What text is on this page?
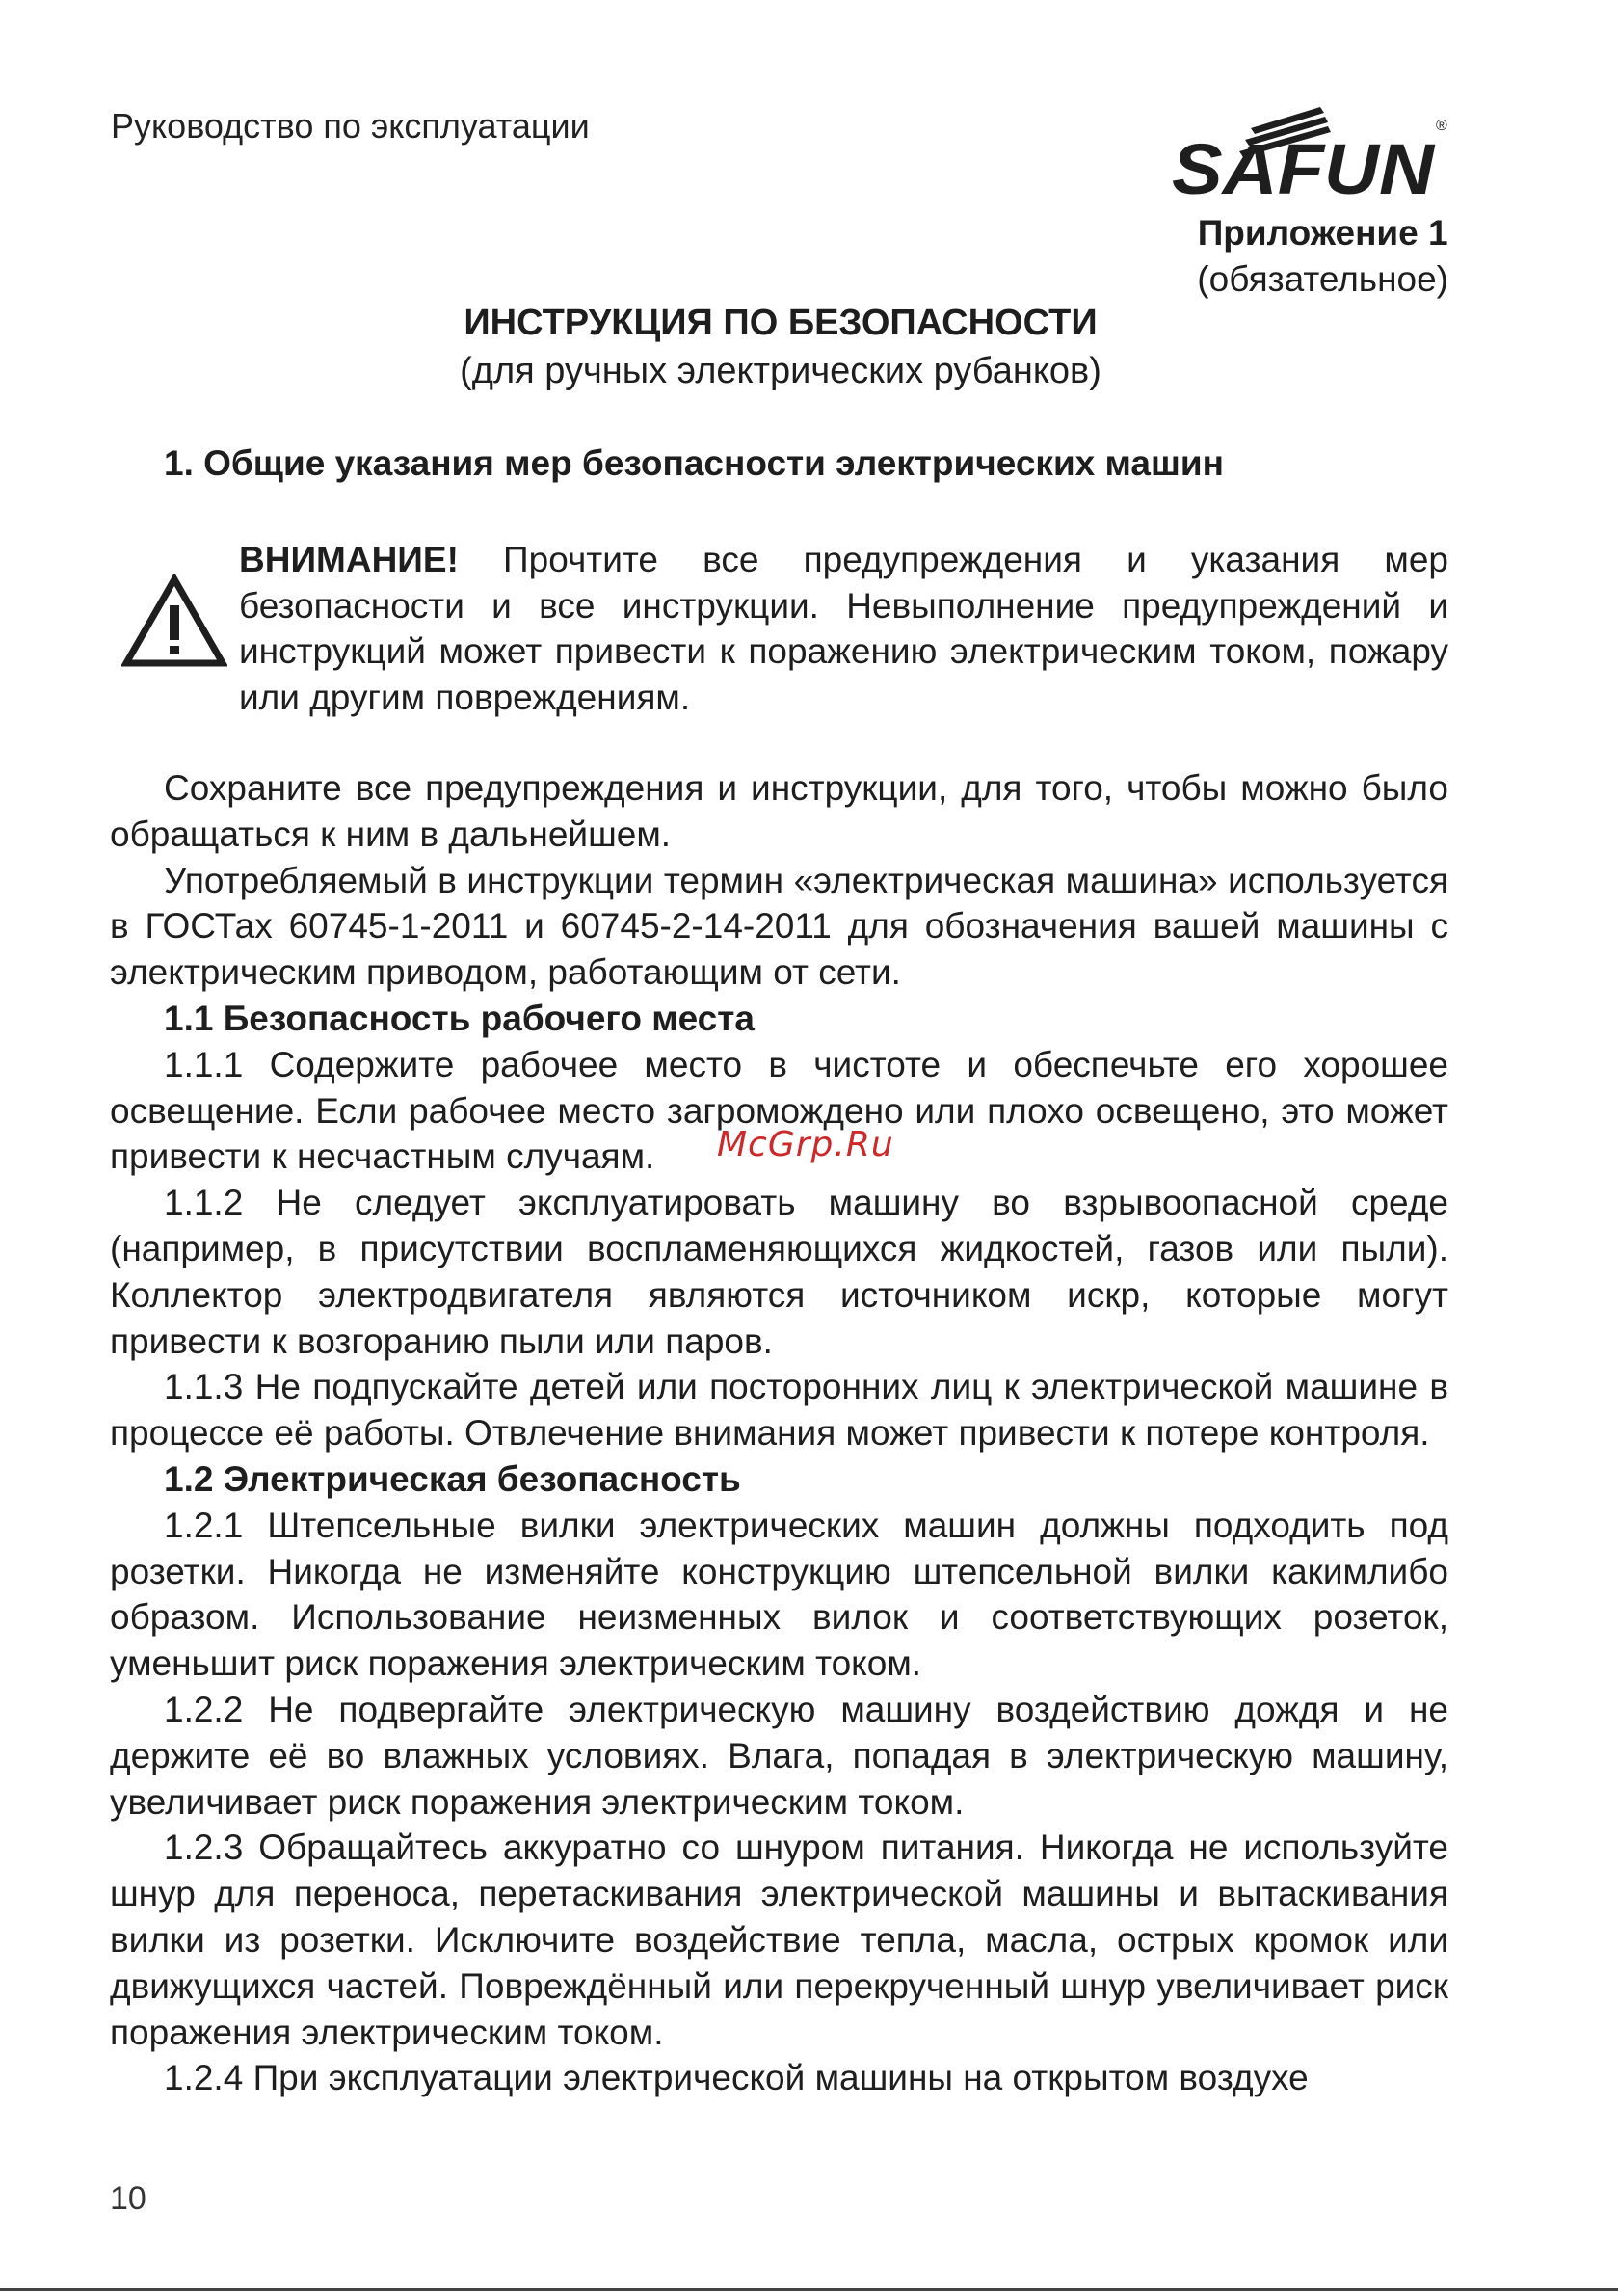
Руководство по эксплуатации
SAFUN
®
Приложение 1
(обязательное)
ИНСТРУКЦИЯ ПО БЕЗОПАСНОСТИ
(для ручных электрических рубанков)
1. Общие указания мер безопасности электрических машин
ВНИМАНИЕ! Прочтите все предупреждения и указания мер безопасности и все инструкции. Невыполнение предупреждений и инструкций может привести к поражению электрическим током, пожару или другим повреждениям.

Сохраните все предупреждения и инструкции, для того, чтобы можно было обращаться к ним в дальнейшем.

Употребляемый в инструкции термин «электрическая машина» используется в ГОСТах 60745-1-2011 и 60745-2-14-2011 для обозначения вашей машины с электрическим приводом, работающим от сети.

1.1 Безопасность рабочего места

1.1.1 Содержите рабочее место в чистоте и обеспечьте его хорошее освещение. Если рабочее место загромождено или плохо освещено, это может привести к несчастным случаям.

1.1.2 Не следует эксплуатировать машину во взрывоопасной среде (например, в присутствии воспламеняющихся жидкостей, газов или пыли). Коллектор электродвигателя являются источником искр, которые могут привести к возгоранию пыли или паров.

1.1.3 Не подпускайте детей или посторонних лиц к электрической машине в процессе её работы. Отвлечение внимания может привести к потере контроля.

1.2 Электрическая безопасность

1.2.1 Штепсельные вилки электрических машин должны подходить под розетки. Никогда не изменяйте конструкцию штепсельной вилки какимлибо образом. Использование неизменных вилок и соответствующих розеток, уменьшит риск поражения электрическим током.

1.2.2 Не подвергайте электрическую машину воздействию дождя и не держите её во влажных условиях. Влага, попадая в электрическую машину, увеличивает риск поражения электрическим током.

1.2.3 Обращайтесь аккуратно со шнуром питания. Никогда не используйте шнур для переноса, перетаскивания электрической машины и вытаскивания вилки из розетки. Исключите воздействие тепла, масла, острых кромок или движущихся частей. Повреждённый или перекрученный шнур увеличивает риск поражения электрическим током.

1.2.4 При эксплуатации электрической машины на открытом воздухе

McGrp.Ru
10
